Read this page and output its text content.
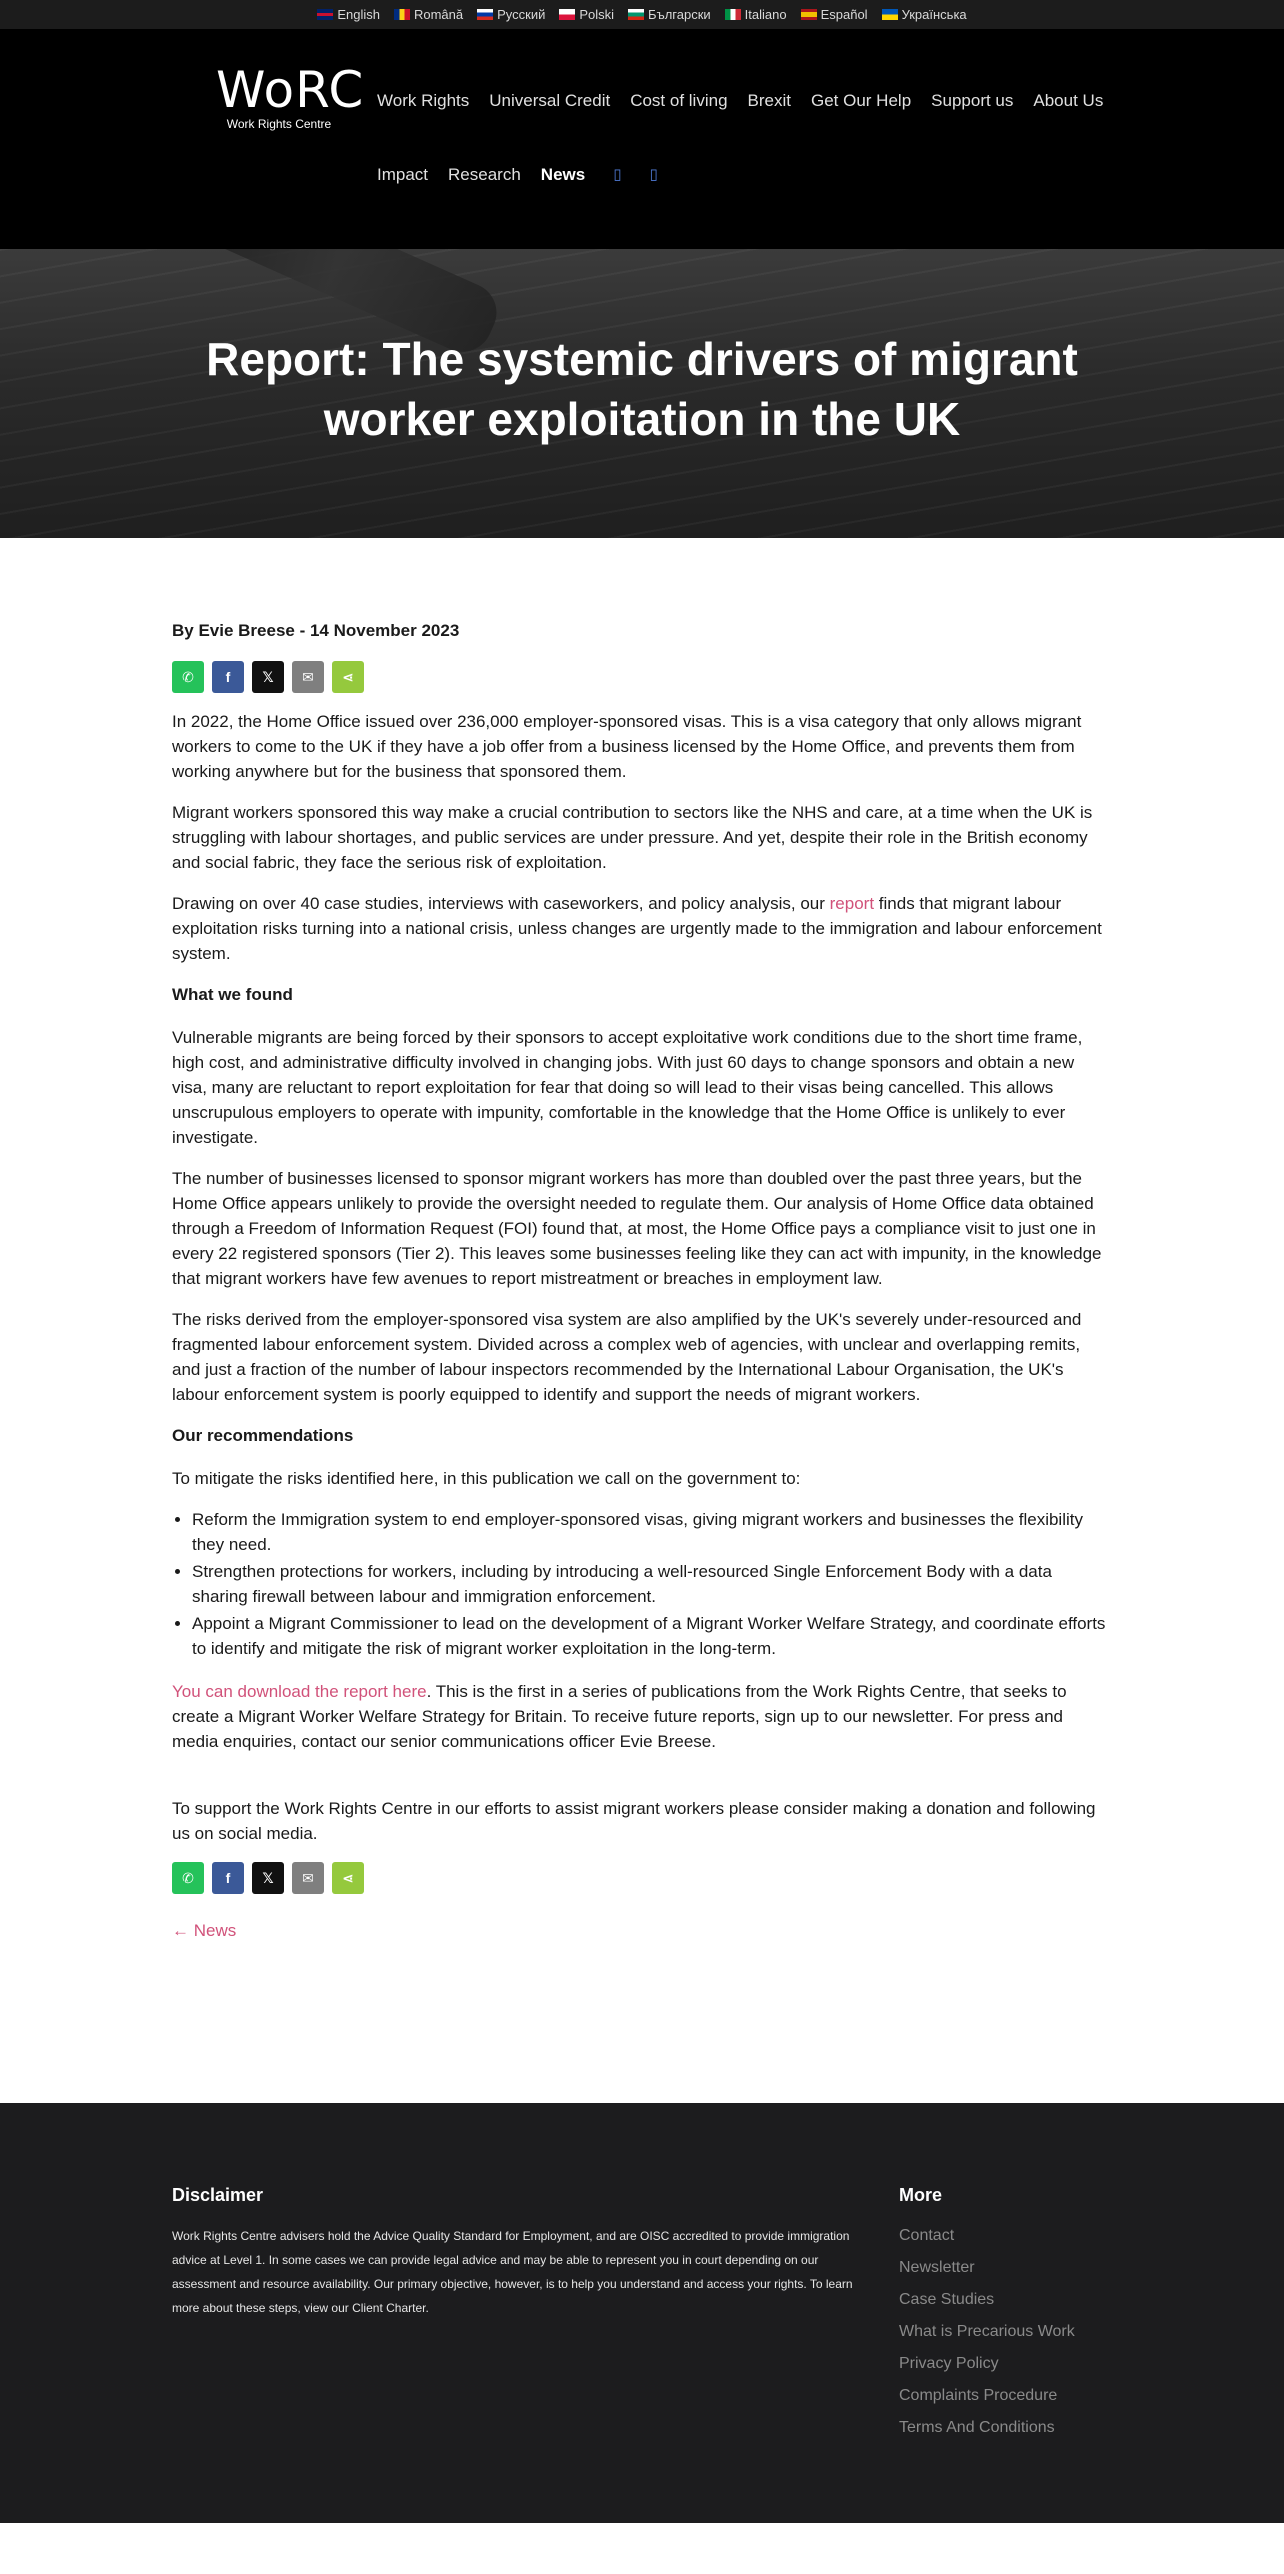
English	Română	Русский	Polski	Български	Italiano	Español	Українська
WoRC
Work Rights Centre
Work Rights Universal Credit Cost of living Brexit Get Our Help Support us About Us
Impact Research News ▯ ▯
Report: The systemic drivers of migrant worker exploitation in the UK
By Evie Breese - 14 November 2023
✆	f	𝕏	✉	⋖

In 2022, the Home Office issued over 236,000 employer-sponsored visas. This is a visa category that only allows migrant workers to come to the UK if they have a job offer from a business licensed by the Home Office, and prevents them from working anywhere but for the business that sponsored them.

Migrant workers sponsored this way make a crucial contribution to sectors like the NHS and care, at a time when the UK is struggling with labour shortages, and public services are under pressure. And yet, despite their role in the British economy and social fabric, they face the serious risk of exploitation.

Drawing on over 40 case studies, interviews with caseworkers, and policy analysis, our report finds that migrant labour exploitation risks turning into a national crisis, unless changes are urgently made to the immigration and labour enforcement system.

What we found

Vulnerable migrants are being forced by their sponsors to accept exploitative work conditions due to the short time frame, high cost, and administrative difficulty involved in changing jobs. With just 60 days to change sponsors and obtain a new visa, many are reluctant to report exploitation for fear that doing so will lead to their visas being cancelled. This allows unscrupulous employers to operate with impunity, comfortable in the knowledge that the Home Office is unlikely to ever investigate.

The number of businesses licensed to sponsor migrant workers has more than doubled over the past three years, but the Home Office appears unlikely to provide the oversight needed to regulate them. Our analysis of Home Office data obtained through a Freedom of Information Request (FOI) found that, at most, the Home Office pays a compliance visit to just one in every 22 registered sponsors (Tier 2). This leaves some businesses feeling like they can act with impunity, in the knowledge that migrant workers have few avenues to report mistreatment or breaches in employment law.

The risks derived from the employer-sponsored visa system are also amplified by the UK's severely under-resourced and fragmented labour enforcement system. Divided across a complex web of agencies, with unclear and overlapping remits, and just a fraction of the number of labour inspectors recommended by the International Labour Organisation, the UK's labour enforcement system is poorly equipped to identify and support the needs of migrant workers.

Our recommendations

To mitigate the risks identified here, in this publication we call on the government to:

• Reform the Immigration system to end employer-sponsored visas, giving migrant workers and businesses the flexibility they need.
• Strengthen protections for workers, including by introducing a well-resourced Single Enforcement Body with a data sharing firewall between labour and immigration enforcement.
• Appoint a Migrant Commissioner to lead on the development of a Migrant Worker Welfare Strategy, and coordinate efforts to identify and mitigate the risk of migrant worker exploitation in the long-term.

You can download the report here. This is the first in a series of publications from the Work Rights Centre, that seeks to create a Migrant Worker Welfare Strategy for Britain. To receive future reports, sign up to our newsletter. For press and media enquiries, contact our senior communications officer Evie Breese.

To support the Work Rights Centre in our efforts to assist migrant workers please consider making a donation and following us on social media.

✆	f	𝕏	✉	⋖
← News
Disclaimer

Work Rights Centre advisers hold the Advice Quality Standard for Employment, and are OISC accredited to provide immigration advice at Level 1. In some cases we can provide legal advice and may be able to represent you in court depending on our assessment and resource availability. Our primary objective, however, is to help you understand and access your rights. To learn more about these steps, view our Client Charter.

More
Contact
Newsletter
Case Studies
What is Precarious Work
Privacy Policy
Complaints Procedure
Terms And Conditions
